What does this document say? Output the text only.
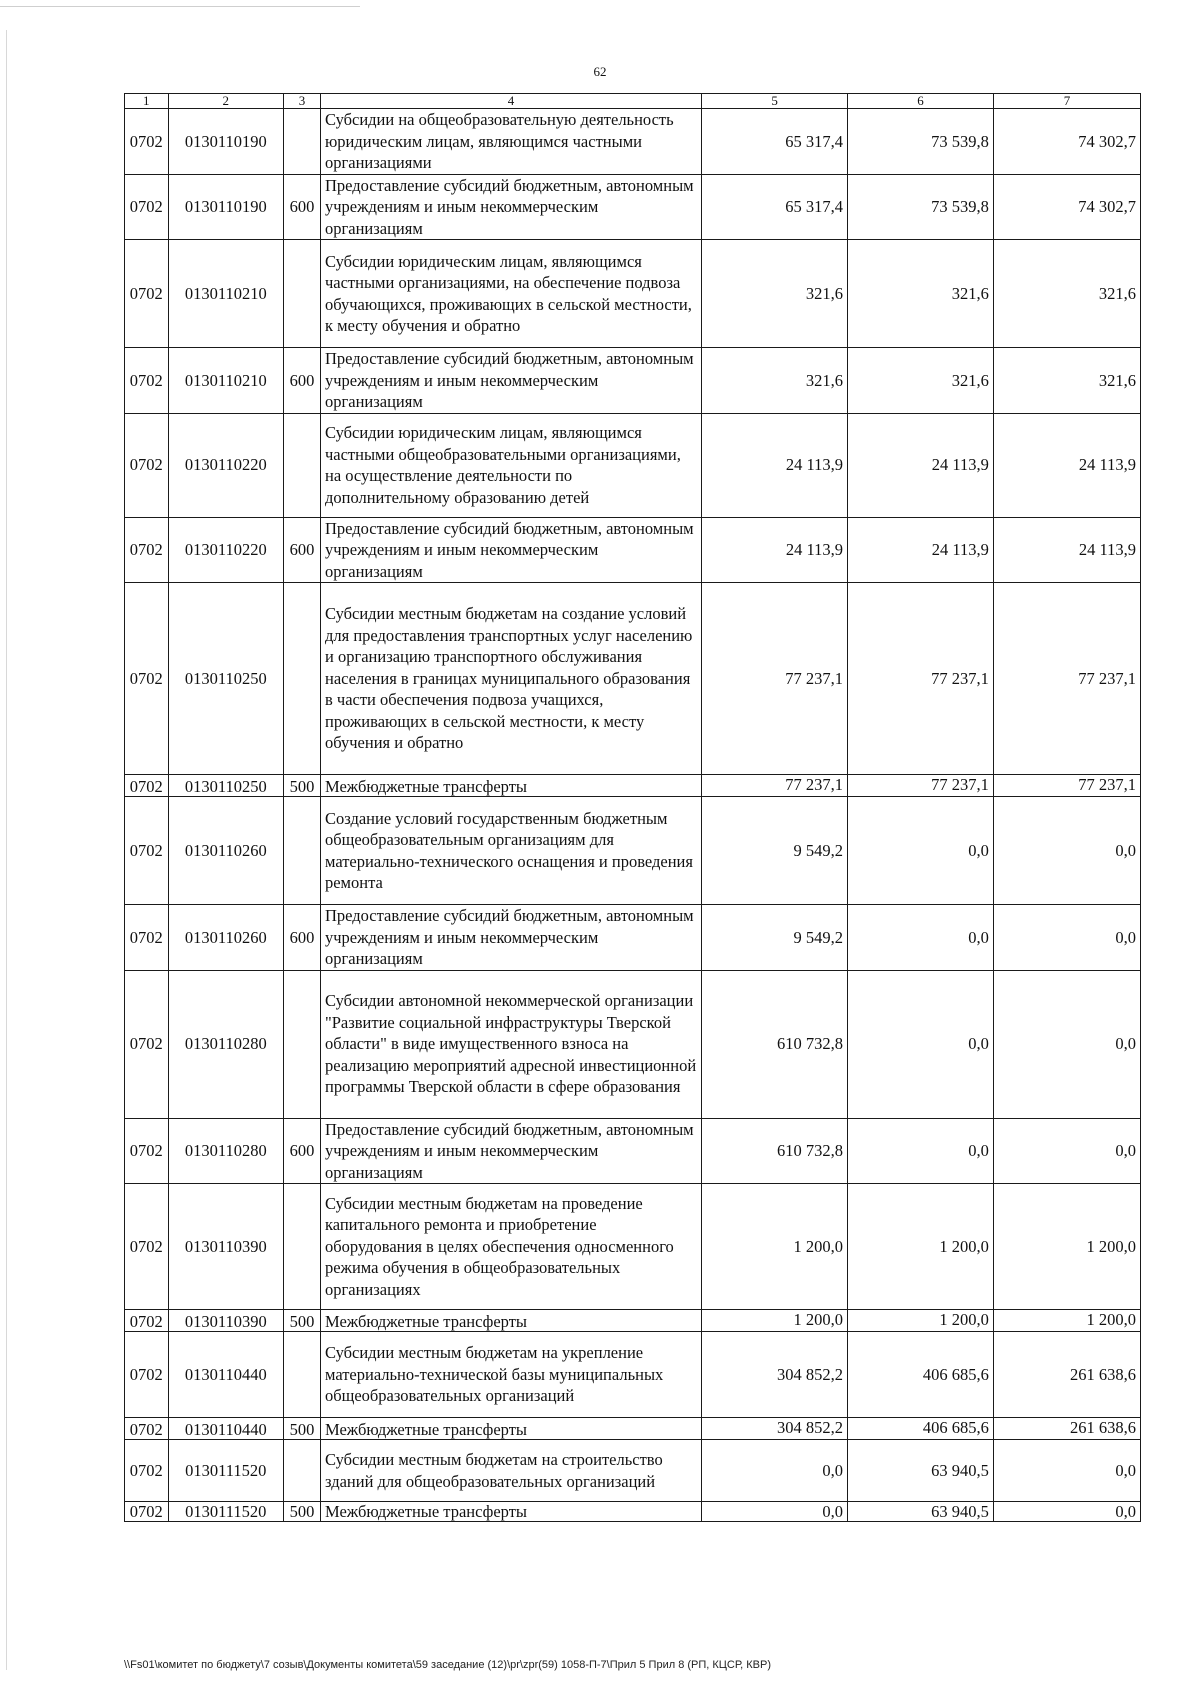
62
1	2	3	4	5	6	7
0702	0130110190		Субсидии на общеобразовательную деятельность юридическим лицам, являющимся частными организациями	65 317,4	73 539,8	74 302,7
0702	0130110190	600	Предоставление субсидий бюджетным, автономным учреждениям и иным некоммерческим организациям	65 317,4	73 539,8	74 302,7
0702	0130110210		Субсидии юридическим лицам, являющимся частными организациями, на обеспечение подвоза обучающихся, проживающих в сельской местности, к месту обучения и обратно	321,6	321,6	321,6
0702	0130110210	600	Предоставление субсидий бюджетным, автономным учреждениям и иным некоммерческим организациям	321,6	321,6	321,6
0702	0130110220		Субсидии юридическим лицам, являющимся частными общеобразовательными организациями, на осуществление деятельности по дополнительному образованию детей	24 113,9	24 113,9	24 113,9
0702	0130110220	600	Предоставление субсидий бюджетным, автономным учреждениям и иным некоммерческим организациям	24 113,9	24 113,9	24 113,9
0702	0130110250		Субсидии местным бюджетам на создание условий для предоставления транспортных услуг населению и организацию транспортного обслуживания населения в границах муниципального образования в части обеспечения подвоза учащихся, проживающих в сельской местности, к месту обучения и обратно	77 237,1	77 237,1	77 237,1
0702	0130110250	500	Межбюджетные трансферты	77 237,1	77 237,1	77 237,1
0702	0130110260		Создание условий государственным бюджетным общеобразовательным организациям для материально-технического оснащения и проведения ремонта	9 549,2	0,0	0,0
0702	0130110260	600	Предоставление субсидий бюджетным, автономным учреждениям и иным некоммерческим организациям	9 549,2	0,0	0,0
0702	0130110280		Субсидии автономной некоммерческой организации "Развитие социальной инфраструктуры Тверской области" в виде имущественного взноса на реализацию мероприятий адресной инвестиционной программы Тверской области в сфере образования	610 732,8	0,0	0,0
0702	0130110280	600	Предоставление субсидий бюджетным, автономным учреждениям и иным некоммерческим организациям	610 732,8	0,0	0,0
0702	0130110390		Субсидии местным бюджетам на проведение капитального ремонта и приобретение оборудования в целях обеспечения односменного режима обучения в общеобразовательных организациях	1 200,0	1 200,0	1 200,0
0702	0130110390	500	Межбюджетные трансферты	1 200,0	1 200,0	1 200,0
0702	0130110440		Субсидии местным бюджетам на укрепление материально-технической базы муниципальных общеобразовательных организаций	304 852,2	406 685,6	261 638,6
0702	0130110440	500	Межбюджетные трансферты	304 852,2	406 685,6	261 638,6
0702	0130111520		Субсидии местным бюджетам на строительство зданий для общеобразовательных организаций	0,0	63 940,5	0,0
0702	0130111520	500	Межбюджетные трансферты	0,0	63 940,5	0,0
\\Fs01\комитет по бюджету\7 созыв\Документы комитета\59 заседание (12)\pr\zpr(59) 1058-П-7\Прил 5 Прил 8 (РП, КЦСР, КВР)
